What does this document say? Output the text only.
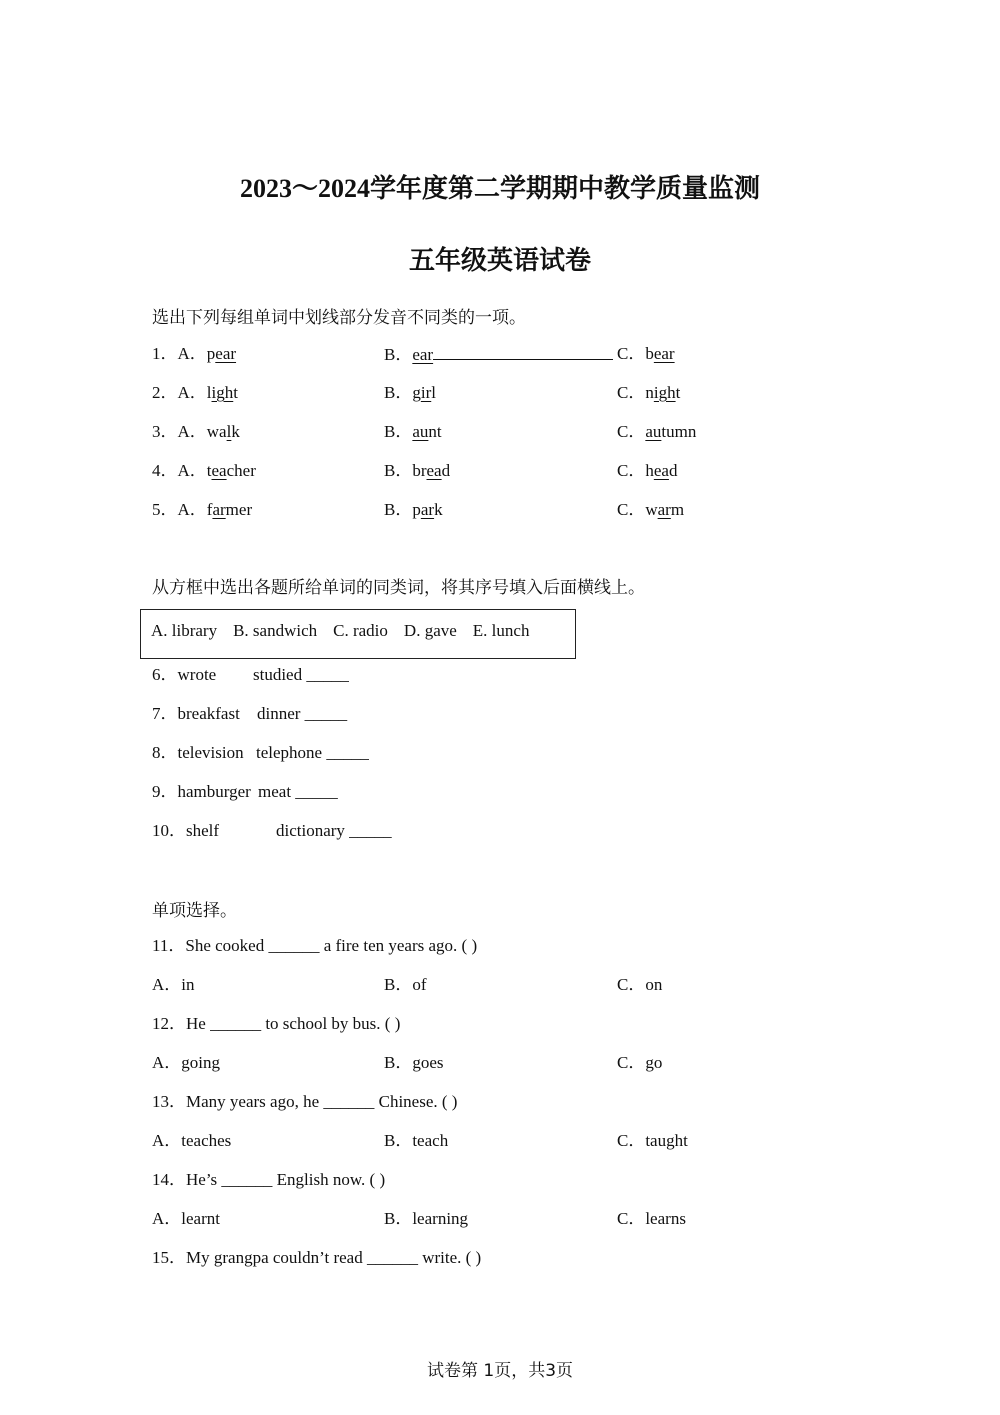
2023～2024学年度第二学期期中教学质量监测
五年级英语试卷
选出下列每组单词中划线部分发音不同类的一项。
1．A．pear	B．ear	C．bear
2．A．light	B．girl	C．night
3．A．walk	B．aunt	C．autumn
4．A．teacher	B．bread	C．head
5．A．farmer	B．park	C．warm
从方框中选出各题所给单词的同类词，将其序号填入后面横线上。
A. library B. sandwich C. radio D. gave E. lunch
6．wrote studied _____
7．breakfast dinner _____
8．television telephone _____
9．hamburger meat _____
10．shelf	dictionary _____
单项选择。
11．She cooked ______ a fire ten years ago. ( )
A．in	B．of	C．on
12．He ______ to school by bus. ( )
A．going	B．goes	C．go
13．Many years ago, he ______ Chinese. ( )
A．teaches	B．teach	C．taught
14．He’s ______ English now. ( )
A．learnt	B．learning	C．learns
15．My grangpa couldn’t read ______ write. ( )
试卷第 1页，共3页
